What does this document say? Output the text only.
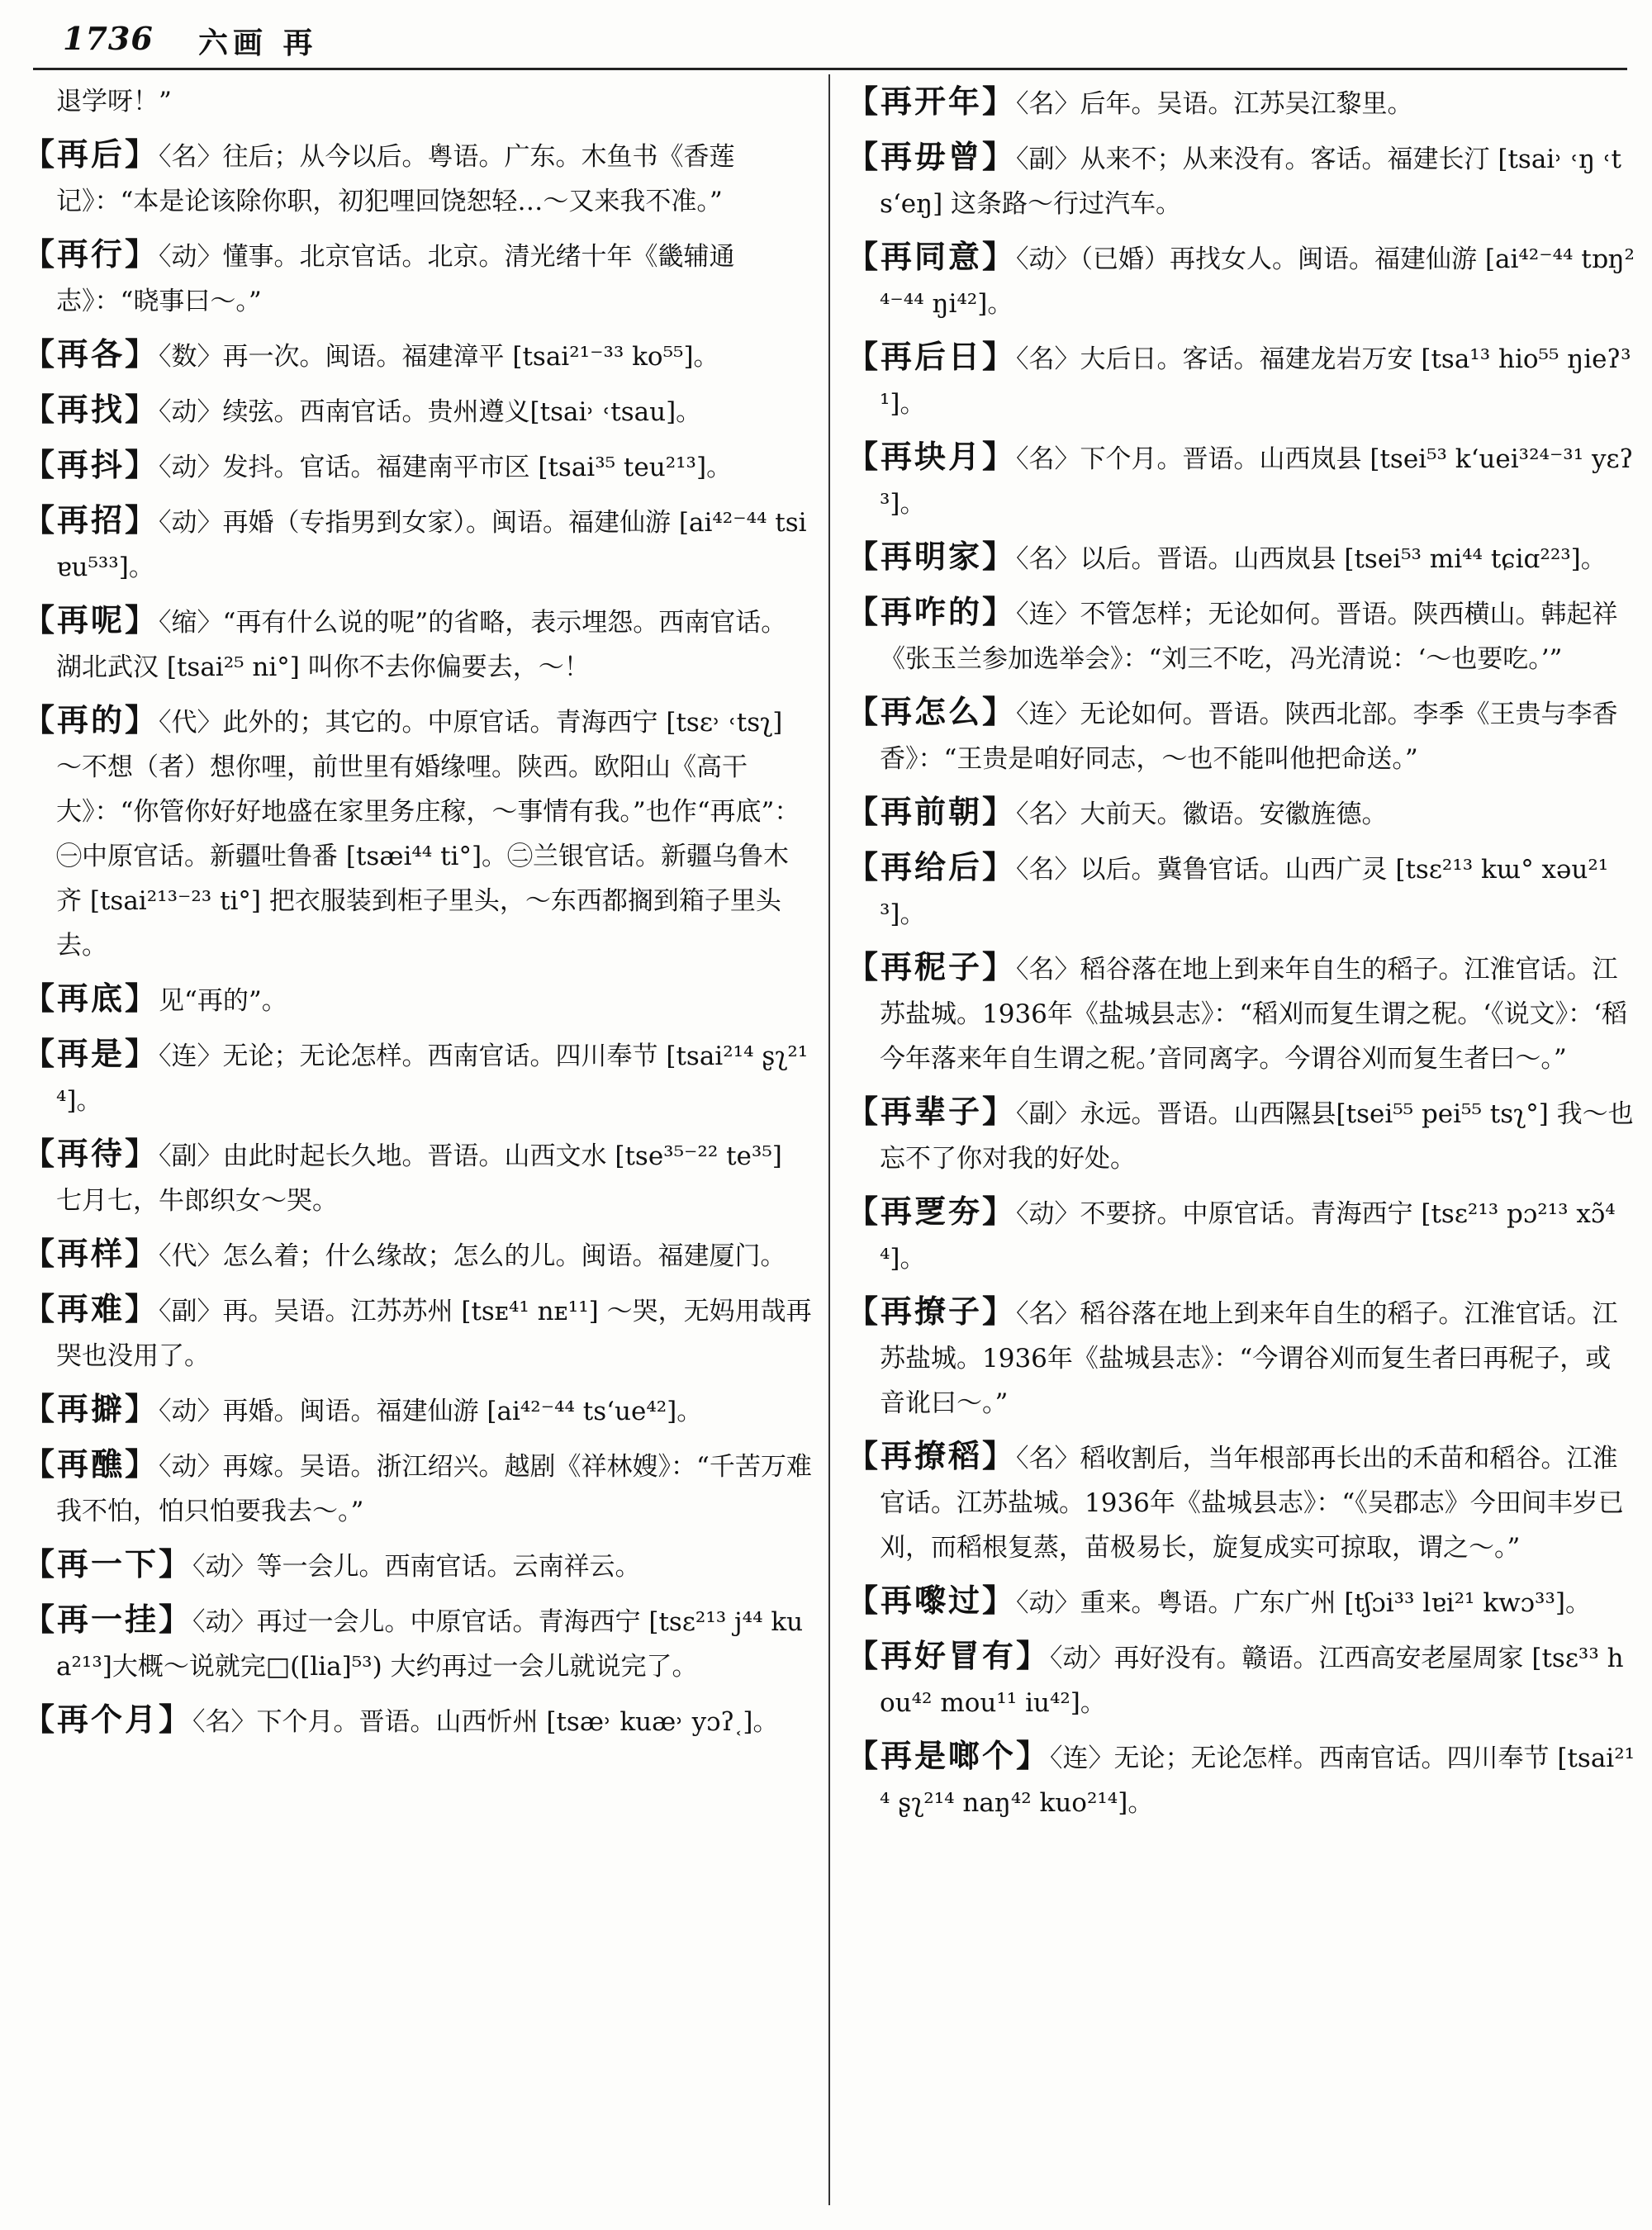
1736 六画 再
退学呀！”
【再后】〈名〉往后；从今以后。粤语。广东。木鱼书《香莲记》：“本是论该除你职，初犯哩回饶恕轻…～又来我不准。”
【再行】〈动〉懂事。北京官话。北京。清光绪十年《畿辅通志》：“晓事曰～。”
【再各】〈数〉再一次。闽语。福建漳平 [tsai²¹⁻³³ ko⁵⁵]。
【再找】〈动〉续弦。西南官话。贵州遵义[tsai˒ ˓tsau]。
【再抖】〈动〉发抖。官话。福建南平市区 [tsai³⁵ teu²¹³]。
【再招】〈动〉再婚（专指男到女家）。闽语。福建仙游 [ai⁴²⁻⁴⁴ tsiɐu⁵³³]。
【再呢】〈缩〉“再有什么说的呢”的省略，表示埋怨。西南官话。湖北武汉 [tsai²⁵ ni°] 叫你不去你偏要去，～！
【再的】〈代〉此外的；其它的。中原官话。青海西宁 [tsɛ˒ ˓tsʅ] ～不想（者）想你哩，前世里有婚缘哩。陕西。欧阳山《高干大》：“你管你好好地盛在家里务庄稼，～事情有我。”也作“再底”：㊀中原官话。新疆吐鲁番 [tsæi⁴⁴ ti°]。㊁兰银官话。新疆乌鲁木齐 [tsai²¹³⁻²³ ti°] 把衣服装到柜子里头，～东西都搁到箱子里头去。
【再底】见“再的”。
【再是】〈连〉无论；无论怎样。西南官话。四川奉节 [tsai²¹⁴ ʂʅ²¹⁴]。
【再待】〈副〉由此时起长久地。晋语。山西文水 [tse³⁵⁻²² te³⁵] 七月七，牛郎织女～哭。
【再样】〈代〉怎么着；什么缘故；怎么的儿。闽语。福建厦门。
【再难】〈副〉再。吴语。江苏苏州 [tsᴇ⁴¹ nᴇ¹¹] ～哭，无妈用哉再哭也没用了。
【再擗】〈动〉再婚。闽语。福建仙游 [ai⁴²⁻⁴⁴ ts‘ue⁴²]。
【再醮】〈动〉再嫁。吴语。浙江绍兴。越剧《祥林嫂》：“千苦万难我不怕，怕只怕要我去～。”
【再一下】〈动〉等一会儿。西南官话。云南祥云。
【再一挂】〈动〉再过一会儿。中原官话。青海西宁 [tsɛ²¹³ j⁴⁴ kua²¹³]大概～说就完□([lia]⁵³) 大约再过一会儿就说完了。
【再个月】〈名〉下个月。晋语。山西忻州 [tsæ˒ kuæ˒ yɔʔ˱]。
【再开年】〈名〉后年。吴语。江苏吴江黎里。
【再毋曾】〈副〉从来不；从来没有。客话。福建长汀 [tsai˒ ˓ŋ ˓ts‘eŋ] 这条路～行过汽车。
【再同意】〈动〉（已婚）再找女人。闽语。福建仙游 [ai⁴²⁻⁴⁴ tɒŋ²⁴⁻⁴⁴ ŋi⁴²]。
【再后日】〈名〉大后日。客话。福建龙岩万安 [tsa¹³ hio⁵⁵ ŋieʔ³¹]。
【再块月】〈名〉下个月。晋语。山西岚县 [tsei⁵³ k‘uei³²⁴⁻³¹ yɛʔ³]。
【再明家】〈名〉以后。晋语。山西岚县 [tsei⁵³ mi⁴⁴ tɕiɑ²²³]。
【再咋的】〈连〉不管怎样；无论如何。晋语。陕西横山。韩起祥《张玉兰参加选举会》：“刘三不吃，冯光清说：‘～也要吃。’”
【再怎么】〈连〉无论如何。晋语。陕西北部。李季《王贵与李香香》：“王贵是咱好同志，～也不能叫他把命送。”
【再前朝】〈名〉大前天。徽语。安徽旌德。
【再给后】〈名〉以后。冀鲁官话。山西广灵 [tsɛ²¹³ kɯ° xəu²¹³]。
【再秜子】〈名〉稻谷落在地上到来年自生的稻子。江淮官话。江苏盐城。1936年《盐城县志》：“稻刈而复生谓之秜。‘《说文》：‘稻今年落来年自生谓之秜。’音同离字。今谓谷刈而复生者曰～。”
【再辈子】〈副〉永远。晋语。山西隰县[tsei⁵⁵ pei⁵⁵ tsʅ°] 我～也忘不了你对我的好处。
【再覂夯】〈动〉不要挤。中原官话。青海西宁 [tsɛ²¹³ pɔ²¹³ xɔ̃⁴⁴]。
【再撩子】〈名〉稻谷落在地上到来年自生的稻子。江淮官话。江苏盐城。1936年《盐城县志》：“今谓谷刈而复生者曰再秜子，或音讹曰～。”
【再撩稻】〈名〉稻收割后，当年根部再长出的禾苗和稻谷。江淮官话。江苏盐城。1936年《盐城县志》：“《吴郡志》今田间丰岁已刈，而稻根复蒸，苗极易长，旋复成实可掠取，谓之～。”
【再嚟过】〈动〉重来。粤语。广东广州 [tʃɔi³³ lɐi²¹ kwɔ³³]。
【再好冒有】〈动〉再好没有。赣语。江西高安老屋周家 [tsɛ³³ hou⁴² mou¹¹ iu⁴²]。
【再是啷个】〈连〉无论；无论怎样。西南官话。四川奉节 [tsai²¹⁴ ʂʅ²¹⁴ naŋ⁴² kuo²¹⁴]。
